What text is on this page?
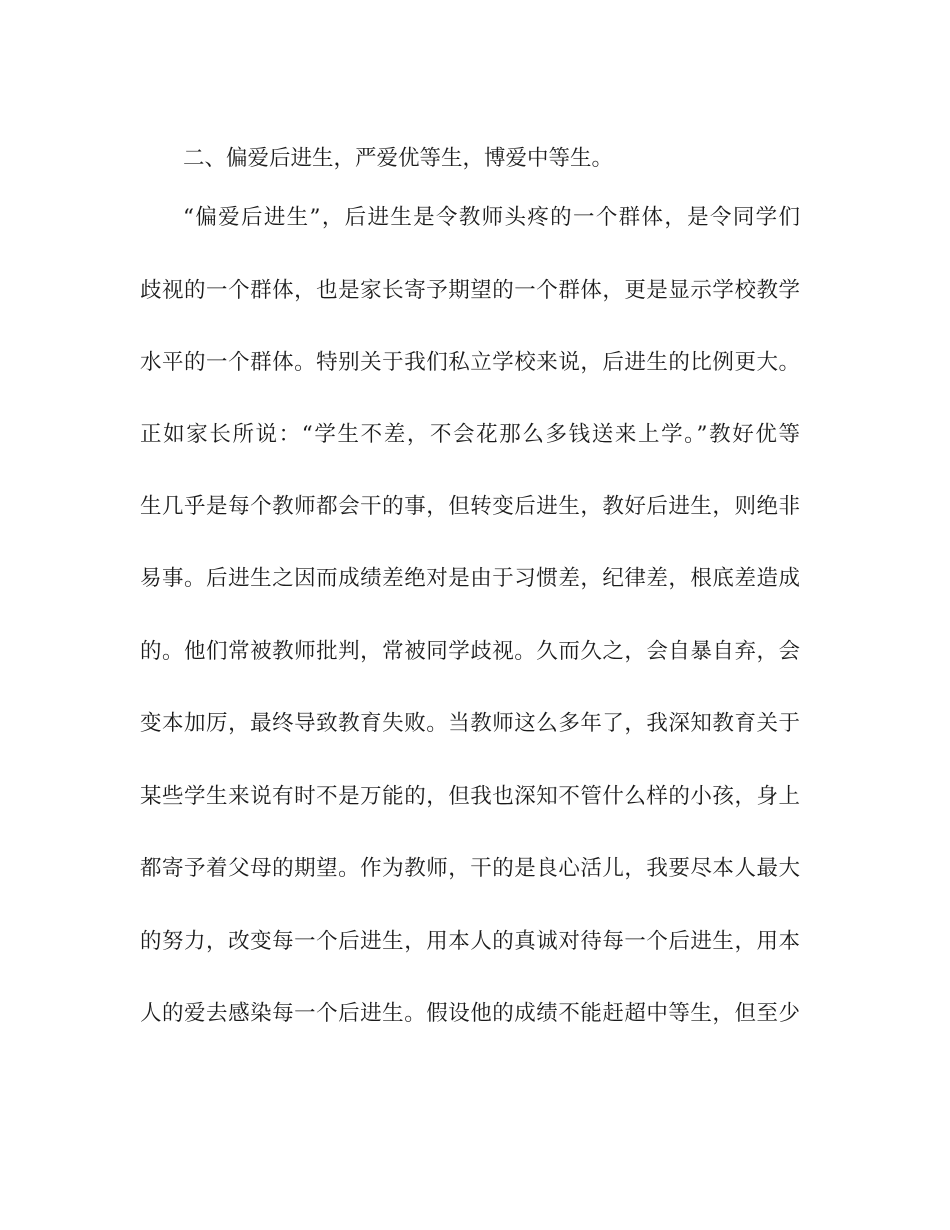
二、偏爱后进生，严爱优等生，博爱中等生。
“偏爱后进生”，后进生是令教师头疼的一个群体，是令同学们
歧视的一个群体，也是家长寄予期望的一个群体，更是显示学校教学
水平的一个群体。特别关于我们私立学校来说，后进生的比例更大。
正如家长所说：“学生不差，不会花那么多钱送来上学。”教好优等
生几乎是每个教师都会干的事，但转变后进生，教好后进生，则绝非
易事。后进生之因而成绩差绝对是由于习惯差，纪律差，根底差造成
的。他们常被教师批判，常被同学歧视。久而久之，会自暴自弃，会
变本加厉，最终导致教育失败。当教师这么多年了，我深知教育关于
某些学生来说有时不是万能的，但我也深知不管什么样的小孩，身上
都寄予着父母的期望。作为教师，干的是良心活儿，我要尽本人最大
的努力，改变每一个后进生，用本人的真诚对待每一个后进生，用本
人的爱去感染每一个后进生。假设他的成绩不能赶超中等生，但至少
